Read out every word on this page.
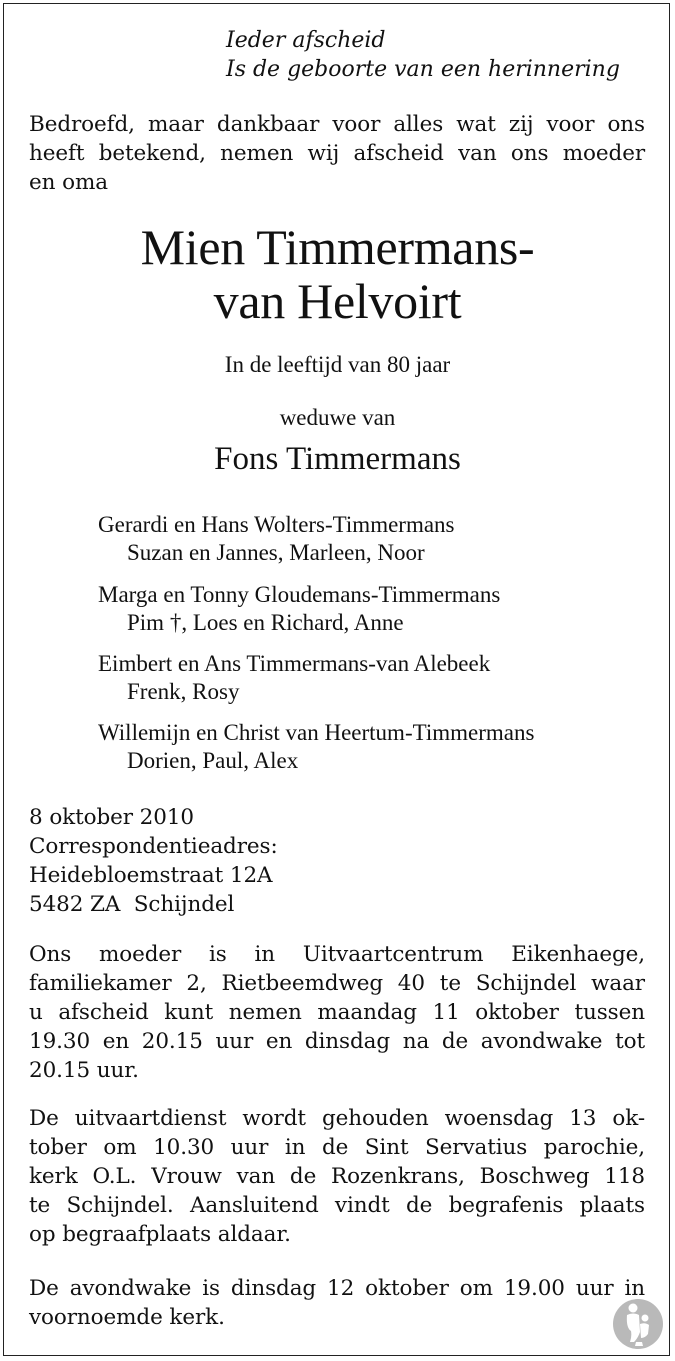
Ieder afscheid
Is de geboorte van een herinnering
Bedroefd, maar dankbaar voor alles wat zij voor ons
heeft betekend, nemen wij afscheid van ons moeder
en oma
Mien Timmermans-
van Helvoirt
In de leeftijd van 80 jaar
weduwe van
Fons Timmermans
Gerardi en Hans Wolters-Timmermans
Suzan en Jannes, Marleen, Noor
Marga en Tonny Gloudemans-Timmermans
Pim †, Loes en Richard, Anne
Eimbert en Ans Timmermans-van Alebeek
Frenk, Rosy
Willemijn en Christ van Heertum-Timmermans
Dorien, Paul, Alex
8 oktober 2010
Correspondentieadres:
Heidebloemstraat 12A
5482 ZA  Schijndel
Ons moeder is in Uitvaartcentrum Eikenhaege,
familiekamer 2, Rietbeemdweg 40 te Schijndel waar
u afscheid kunt nemen maandag 11 oktober tussen
19.30 en 20.15 uur en dinsdag na de avondwake tot
20.15 uur.
De uitvaartdienst wordt gehouden woensdag 13 ok-
tober om 10.30 uur in de Sint Servatius parochie,
kerk O.L. Vrouw van de Rozenkrans, Boschweg 118
te Schijndel. Aansluitend vindt de begrafenis plaats
op begraafplaats aldaar.
De avondwake is dinsdag 12 oktober om 19.00 uur in
voornoemde kerk.
